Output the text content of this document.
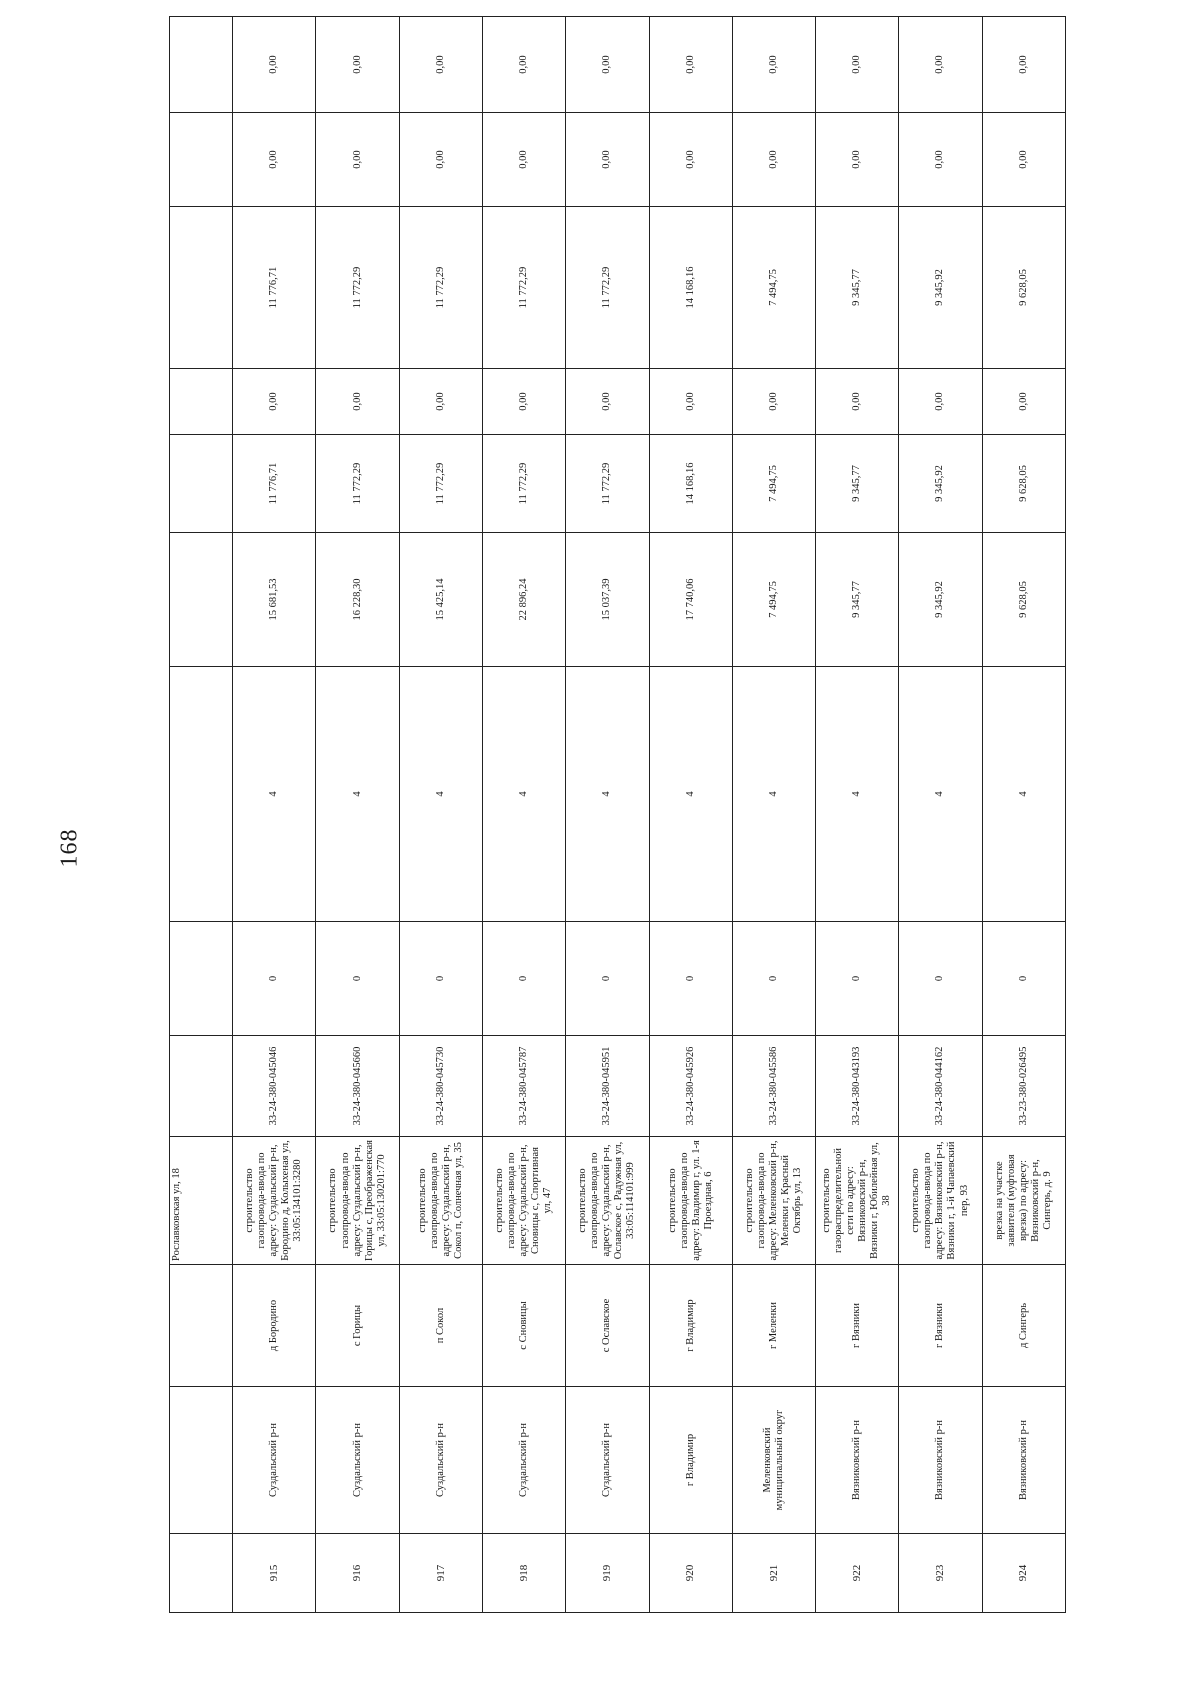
168
			Рославковская ул, 18									
915	Суздальский р-н	д Бородино	строительство газопровода-ввода по адресу: Суздальский р-н, Бородино д, Колыхеная ул, 33:05:134101:3280	33-24-380-045046	0	4	15 681,53	11 776,71	0,00	11 776,71	0,00	0,00
916	Суздальский р-н	с Горицы	строительство газопровода-ввода по адресу: Суздальский р-н, Горицы с, Преображенская ул, 33:05:130201:770	33-24-380-045660	0	4	16 228,30	11 772,29	0,00	11 772,29	0,00	0,00
917	Суздальский р-н	п Сокол	строительство газопровода-ввода по адресу: Суздальский р-н, Сокол п, Солнечная ул, 35	33-24-380-045730	0	4	15 425,14	11 772,29	0,00	11 772,29	0,00	0,00
918	Суздальский р-н	с Сновицы	строительство газопровода-ввода по адресу: Суздальский р-н, Сновицы с, Спортивная ул, 47	33-24-380-045787	0	4	22 896,24	11 772,29	0,00	11 772,29	0,00	0,00
919	Суздальский р-н	с Ославское	строительство газопровода-ввода по адресу: Суздальский р-н, Ославское с, Радужная ул, 33:05:114101:999	33-24-380-045951	0	4	15 037,39	11 772,29	0,00	11 772,29	0,00	0,00
920	г Владимир	г Владимир	строительство газопровода-ввода по адресу: Владимир г, ул. 1-я Проездная, 6	33-24-380-045926	0	4	17 740,06	14 168,16	0,00	14 168,16	0,00	0,00
921	Меленковский муниципальный округ	г Меленки	строительство газопровода-ввода по адресу: Меленковский р-н, Меленки г, Красный Октябрь ул, 13	33-24-380-045586	0	4	7 494,75	7 494,75	0,00	7 494,75	0,00	0,00
922	Вязниковский р-н	г Вязники	строительство газораспределительной сети по адресу: Вязниковский р-н, Вязники г, Юбилейная ул, 38	33-24-380-043193	0	4	9 345,77	9 345,77	0,00	9 345,77	0,00	0,00
923	Вязниковский р-н	г Вязники	строительство газопровода-ввода по адресу: Вязниковский р-н, Вязники г, 1-й Чапаевский пер, 93	33-24-380-044162	0	4	9 345,92	9 345,92	0,00	9 345,92	0,00	0,00
924	Вязниковский р-н	д Сингерь	врезка на участке заявителя (муфтовая врезка) по адресу: Вязниковский р-н, Сингерь, д. 9	33-23-380-026495	0	4	9 628,05	9 628,05	0,00	9 628,05	0,00	0,00
